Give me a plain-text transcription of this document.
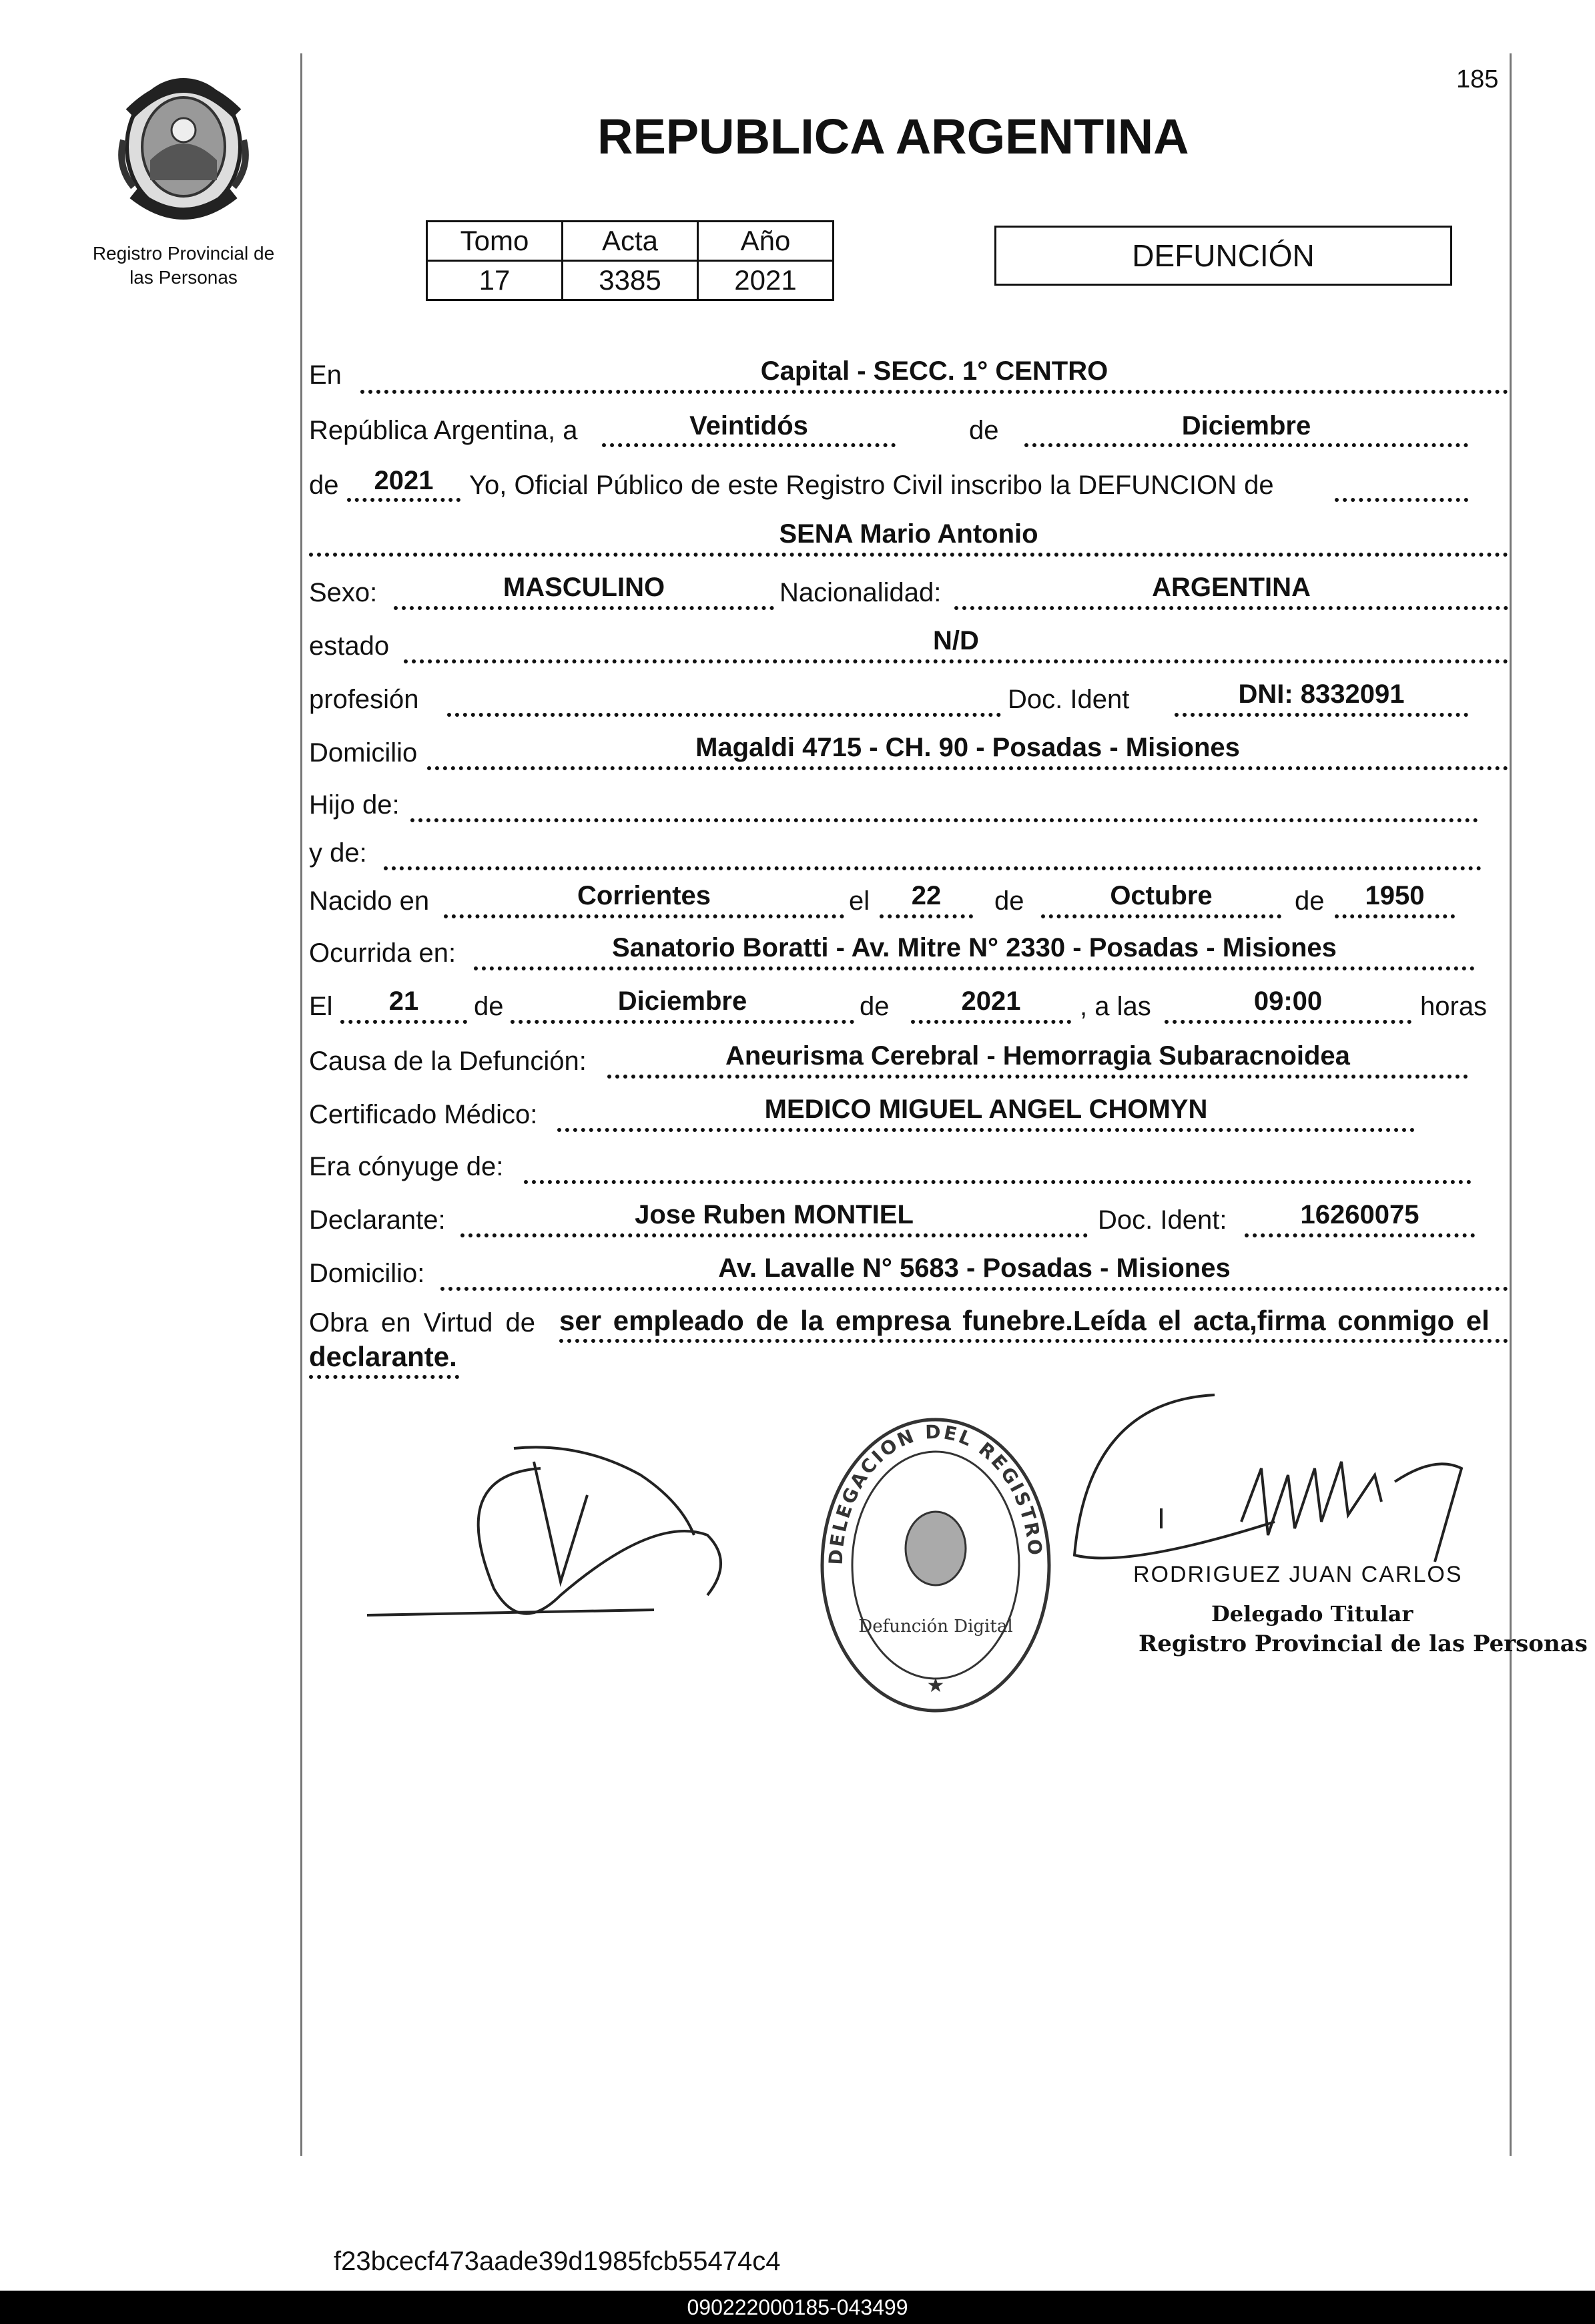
185
Registro Provincial de
las Personas
REPUBLICA ARGENTINA
Tomo	Acta	Año
17	3385	2021
DEFUNCIÓN
En	Capital - SECC. 1° CENTRO
República Argentina, a	Veintidós	de	Diciembre
de	2021	Yo, Oficial Público de este Registro Civil inscribo la DEFUNCION de
SENA Mario Antonio
Sexo:	MASCULINO	Nacionalidad:	ARGENTINA
estado	N/D
profesión	Doc. Ident	DNI: 8332091
Domicilio	Magaldi 4715 - CH. 90 - Posadas - Misiones
Hijo de:
y de:
Nacido en	Corrientes	el	22	de	Octubre	de	1950
Ocurrida en:	Sanatorio Boratti - Av. Mitre N° 2330 - Posadas - Misiones
El	21	de	Diciembre	de	2021	, a las	09:00	horas
Causa de la Defunción:	Aneurisma Cerebral - Hemorragia Subaracnoidea
Certificado Médico:	MEDICO MIGUEL ANGEL CHOMYN
Era cónyuge de:
Declarante:	Jose Ruben MONTIEL	Doc. Ident:	16260075
Domicilio:	Av. Lavalle N° 5683 - Posadas - Misiones
Obra en Virtud de ser empleado de la empresa funebre.Leída el acta,firma conmigo el
declarante.
DELEGACION DEL REGISTRO
Defunción Digital
★
RODRIGUEZ JUAN CARLOS
Delegado Titular
Registro Provincial de las Personas
f23bcecf473aade39d1985fcb55474c4
090222000185-043499
